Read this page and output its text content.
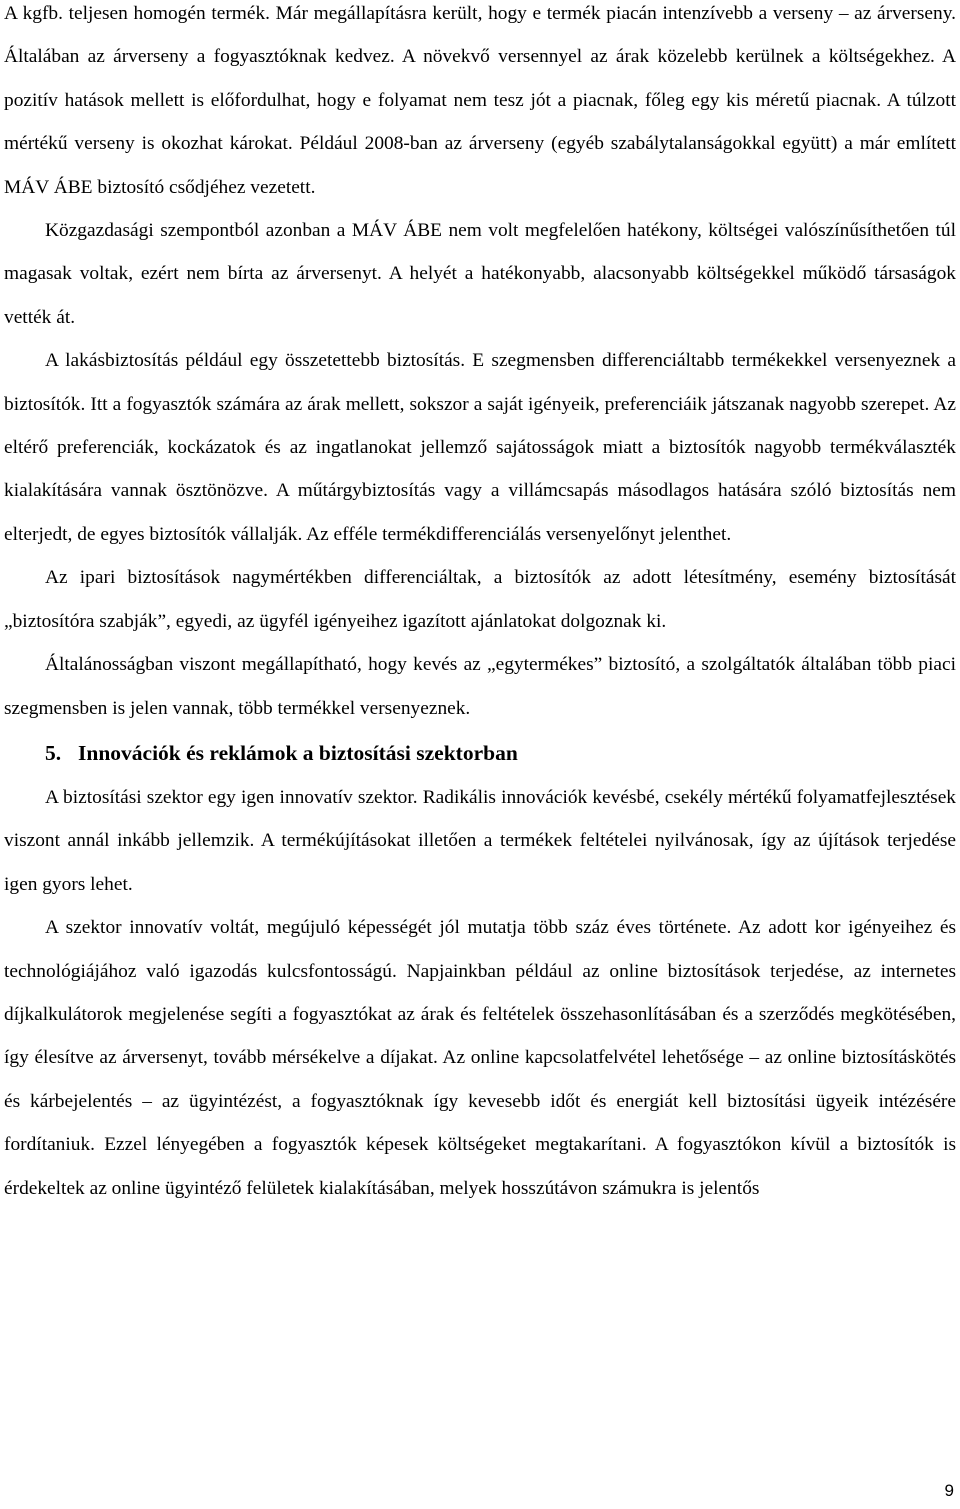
A kgfb. teljesen homogén termék. Már megállapításra került, hogy e termék piacán intenzívebb a verseny – az árverseny. Általában az árverseny a fogyasztóknak kedvez. A növekvő versennyel az árak közelebb kerülnek a költségekhez. A pozitív hatások mellett is előfordulhat, hogy e folyamat nem tesz jót a piacnak, főleg egy kis méretű piacnak. A túlzott mértékű verseny is okozhat károkat. Például 2008-ban az árverseny (egyéb szabálytalanságokkal együtt) a már említett MÁV ÁBE biztosító csődjéhez vezetett.

Közgazdasági szempontból azonban a MÁV ÁBE nem volt megfelelően hatékony, költségei valószínűsíthetően túl magasak voltak, ezért nem bírta az árversenyt. A helyét a hatékonyabb, alacsonyabb költségekkel működő társaságok vették át.

A lakásbiztosítás például egy összetettebb biztosítás. E szegmensben differenciáltabb termékekkel versenyeznek a biztosítók. Itt a fogyasztók számára az árak mellett, sokszor a saját igényeik, preferenciáik játszanak nagyobb szerepet. Az eltérő preferenciák, kockázatok és az ingatlanokat jellemző sajátosságok miatt a biztosítók nagyobb termékválaszték kialakítására vannak ösztönözve. A műtárgybiztosítás vagy a villámcsapás másodlagos hatására szóló biztosítás nem elterjedt, de egyes biztosítók vállalják. Az efféle termékdifferenciálás versenyelőnyt jelenthet.

Az ipari biztosítások nagymértékben differenciáltak, a biztosítók az adott létesítmény, esemény biztosítását „biztosítóra szabják”, egyedi, az ügyfél igényeihez igazított ajánlatokat dolgoznak ki.

Általánosságban viszont megállapítható, hogy kevés az „egytermékes” biztosító, a szolgáltatók általában több piaci szegmensben is jelen vannak, több termékkel versenyeznek.

5. Innovációk és reklámok a biztosítási szektorban

A biztosítási szektor egy igen innovatív szektor. Radikális innovációk kevésbé, csekély mértékű folyamatfejlesztések viszont annál inkább jellemzik. A termékújításokat illetően a termékek feltételei nyilvánosak, így az újítások terjedése igen gyors lehet.

A szektor innovatív voltát, megújuló képességét jól mutatja több száz éves története. Az adott kor igényeihez és technológiájához való igazodás kulcsfontosságú. Napjainkban például az online biztosítások terjedése, az internetes díjkalkulátorok megjelenése segíti a fogyasztókat az árak és feltételek összehasonlításában és a szerződés megkötésében, így élesítve az árversenyt, tovább mérsékelve a díjakat. Az online kapcsolatfelvétel lehetősége – az online biztosításkötés és kárbejelentés – az ügyintézést, a fogyasztóknak így kevesebb időt és energiát kell biztosítási ügyeik intézésére fordítaniuk. Ezzel lényegében a fogyasztók képesek költségeket megtakarítani. A fogyasztókon kívül a biztosítók is érdekeltek az online ügyintéző felületek kialakításában, melyek hosszútávon számukra is jelentős

9
